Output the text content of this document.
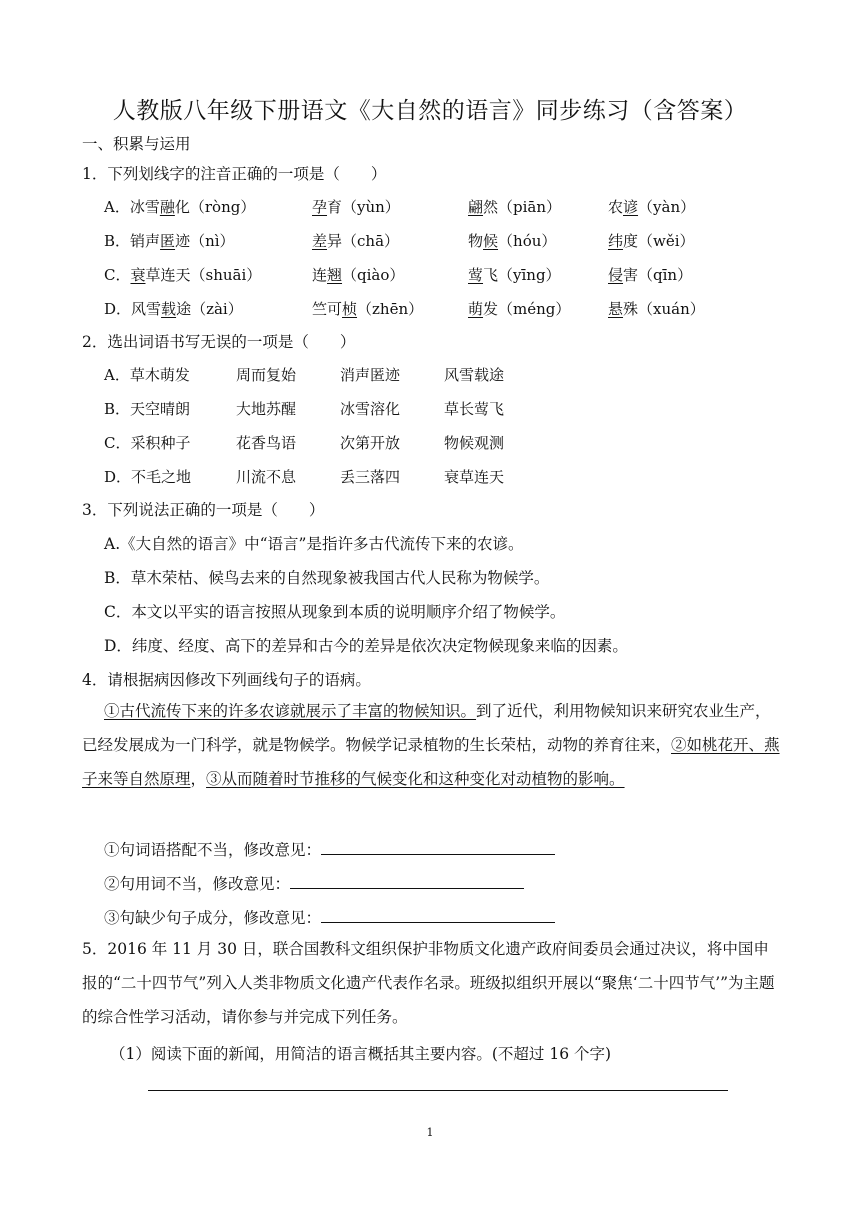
人教版八年级下册语文《大自然的语言》同步练习（含答案）
一、积累与运用
1．下列划线字的注音正确的一项是（　　）
A．冰雪融化（ròng）	孕育（yùn）	翩然（piān）	农谚（yàn）
B．销声匿迹（nì）	差异（chā）	物候（hóu）	纬度（wěi）
C．衰草连天（shuāi）	连翘（qiào）	莺飞（yīng）	侵害（qīn）
D．风雪载途（zài）	竺可桢（zhēn）	萌发（méng）	悬殊（xuán）
2．选出词语书写无误的一项是（　　）
A．草木萌发	周而复始	消声匿迹	风雪载途
B．天空晴朗	大地苏醒	冰雪溶化	草长莺飞
C．采积种子	花香鸟语	次第开放	物候观测
D．不毛之地	川流不息	丢三落四	衰草连天
3．下列说法正确的一项是（　　）
A.《大自然的语言》中“语言”是指许多古代流传下来的农谚。
B．草木荣枯、候鸟去来的自然现象被我国古代人民称为物候学。
C．本文以平实的语言按照从现象到本质的说明顺序介绍了物候学。
D．纬度、经度、高下的差异和古今的差异是依次决定物候现象来临的因素。
4．请根据病因修改下列画线句子的语病。
①古代流传下来的许多农谚就展示了丰富的物候知识。到了近代，利用物候知识来研究农业生产，已经发展成为一门科学，就是物候学。物候学记录植物的生长荣枯，动物的养育往来，②如桃花开、燕子来等自然原理，③从而随着时节推移的气候变化和这种变化对动植物的影响。
①句词语搭配不当，修改意见：
②句用词不当，修改意见：
③句缺少句子成分，修改意见：
5．2016 年 11 月 30 日，联合国教科文组织保护非物质文化遗产政府间委员会通过决议，将中国申报的“二十四节气”列入人类非物质文化遗产代表作名录。班级拟组织开展以“聚焦‘二十四节气’”为主题的综合性学习活动，请你参与并完成下列任务。
（1）阅读下面的新闻，用简洁的语言概括其主要内容。(不超过 16 个字)
1
